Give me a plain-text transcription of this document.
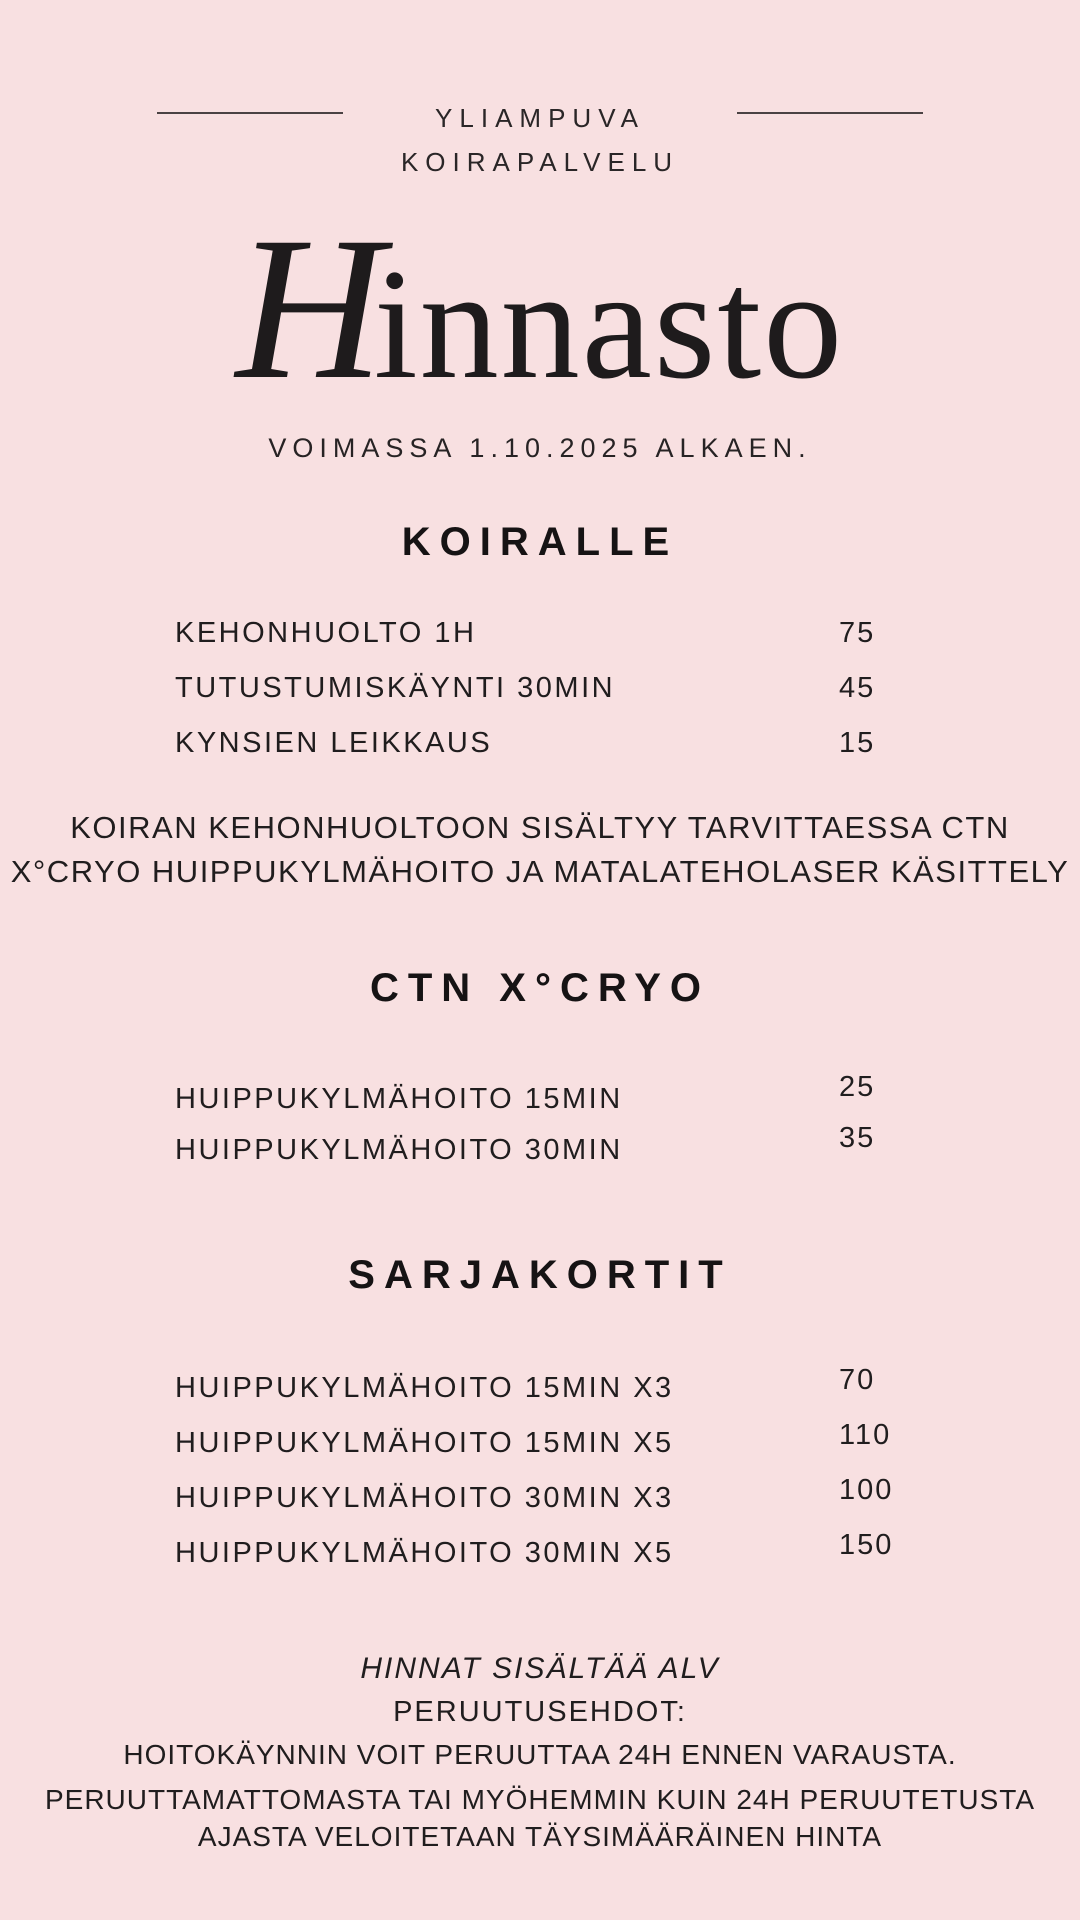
YLIAMPUVA
KOIRAPALVELU
Hinnasto

VOIMASSA 1.10.2025 ALKAEN.

KOIRALLE
KEHONHUOLTO 1H	75
TUTUSTUMISKÄYNTI 30MIN	45
KYNSIEN LEIKKAUS	15

KOIRAN KEHONHUOLTOON SISÄLTYY TARVITTAESSA CTN X°CRYO HUIPPUKYLMÄHOITO JA MATALATEHOLASER KÄSITTELY

CTN X°CRYO
HUIPPUKYLMÄHOITO 15MIN	25
HUIPPUKYLMÄHOITO 30MIN	35
SARJAKORTIT
HUIPPUKYLMÄHOITO 15MIN X3	70
HUIPPUKYLMÄHOITO 15MIN X5	110
HUIPPUKYLMÄHOITO 30MIN X3	100
HUIPPUKYLMÄHOITO 30MIN X5	150

HINNAT SISÄLTÄÄ ALV

PERUUTUSEHDOT:

HOITOKÄYNNIN VOIT PERUUTTAA 24H ENNEN VARAUSTA.

PERUUTTAMATTOMASTA TAI MYÖHEMMIN KUIN 24H PERUUTETUSTA AJASTA VELOITETAAN TÄYSIMÄÄRÄINEN HINTA
